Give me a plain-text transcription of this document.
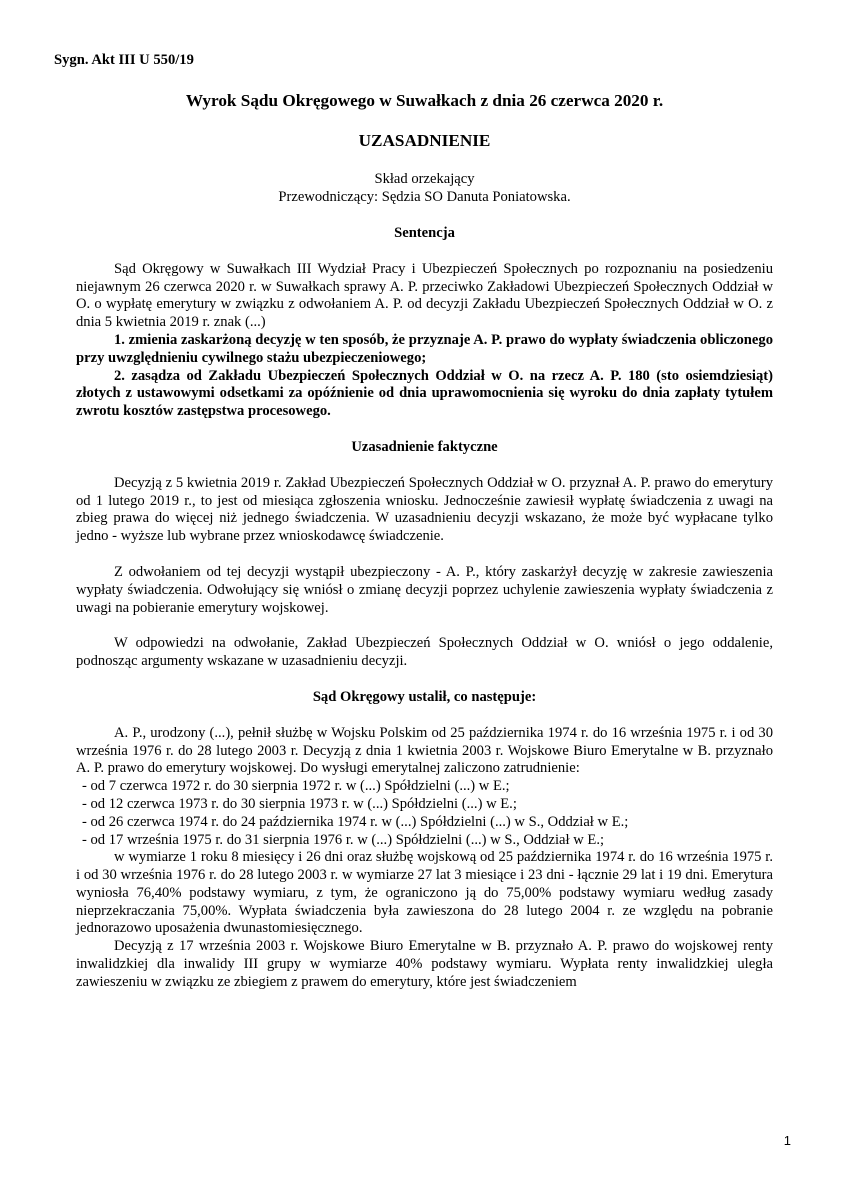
Sygn. Akt III U 550/19
Wyrok Sądu Okręgowego w Suwałkach z dnia 26 czerwca 2020 r.
UZASADNIENIE
Skład orzekający
Przewodniczący: Sędzia SO Danuta Poniatowska.
Sentencja

Sąd Okręgowy w Suwałkach III Wydział Pracy i Ubezpieczeń Społecznych po rozpoznaniu na posiedzeniu niejawnym 26 czerwca 2020 r. w Suwałkach sprawy A. P. przeciwko Zakładowi Ubezpieczeń Społecznych Oddział w O. o wypłatę emerytury w związku z odwołaniem A. P. od decyzji Zakładu Ubezpieczeń Społecznych Oddział w O. z dnia 5 kwietnia 2019 r. znak (...)

1. zmienia zaskarżoną decyzję w ten sposób, że przyznaje A. P. prawo do wypłaty świadczenia obliczonego przy uwzględnieniu cywilnego stażu ubezpieczeniowego;

2. zasądza od Zakładu Ubezpieczeń Społecznych Oddział w O. na rzecz A. P. 180 (sto osiemdziesiąt) złotych z ustawowymi odsetkami za opóźnienie od dnia uprawomocnienia się wyroku do dnia zapłaty tytułem zwrotu kosztów zastępstwa procesowego.

Uzasadnienie faktyczne

Decyzją z 5 kwietnia 2019 r. Zakład Ubezpieczeń Społecznych Oddział w O. przyznał A. P. prawo do emerytury od 1 lutego 2019 r., to jest od miesiąca zgłoszenia wniosku. Jednocześnie zawiesił wypłatę świadczenia z uwagi na zbieg prawa do więcej niż jednego świadczenia. W uzasadnieniu decyzji wskazano, że może być wypłacane tylko jedno - wyższe lub wybrane przez wnioskodawcę świadczenie.

Z odwołaniem od tej decyzji wystąpił ubezpieczony - A. P., który zaskarżył decyzję w zakresie zawieszenia wypłaty świadczenia. Odwołujący się wniósł o zmianę decyzji poprzez uchylenie zawieszenia wypłaty świadczenia z uwagi na pobieranie emerytury wojskowej.

W odpowiedzi na odwołanie, Zakład Ubezpieczeń Społecznych Oddział w O. wniósł o jego oddalenie, podnosząc argumenty wskazane w uzasadnieniu decyzji.

Sąd Okręgowy ustalił, co następuje:

A. P., urodzony (...), pełnił służbę w Wojsku Polskim od 25 października 1974 r. do 16 września 1975 r. i od 30 września 1976 r. do 28 lutego 2003 r. Decyzją z dnia 1 kwietnia 2003 r. Wojskowe Biuro Emerytalne w B. przyznało A. P. prawo do emerytury wojskowej. Do wysługi emerytalnej zaliczono zatrudnienie:

- od 7 czerwca 1972 r. do 30 sierpnia 1972 r. w (...) Spółdzielni (...) w E.;
- od 12 czerwca 1973 r. do 30 sierpnia 1973 r. w (...) Spółdzielni (...) w E.;
- od 26 czerwca 1974 r. do 24 października 1974 r. w (...) Spółdzielni (...) w S., Oddział w E.;
- od 17 września 1975 r. do 31 sierpnia 1976 r. w (...) Spółdzielni (...) w S., Oddział w E.;

w wymiarze 1 roku 8 miesięcy i 26 dni oraz służbę wojskową od 25 października 1974 r. do 16 września 1975 r. i od 30 września 1976 r. do 28 lutego 2003 r. w wymiarze 27 lat 3 miesiące i 23 dni - łącznie 29 lat i 19 dni. Emerytura wyniosła 76,40% podstawy wymiaru, z tym, że ograniczono ją do 75,00% podstawy wymiaru według zasady nieprzekraczania 75,00%. Wypłata świadczenia była zawieszona do 28 lutego 2004 r. ze względu na pobranie jednorazowo uposażenia dwunastomiesięcznego.

Decyzją z 17 września 2003 r. Wojskowe Biuro Emerytalne w B. przyznało A. P. prawo do wojskowej renty inwalidzkiej dla inwalidy III grupy w wymiarze 40% podstawy wymiaru. Wypłata renty inwalidzkiej uległa zawieszeniu w związku ze zbiegiem z prawem do emerytury, które jest świadczeniem

1
